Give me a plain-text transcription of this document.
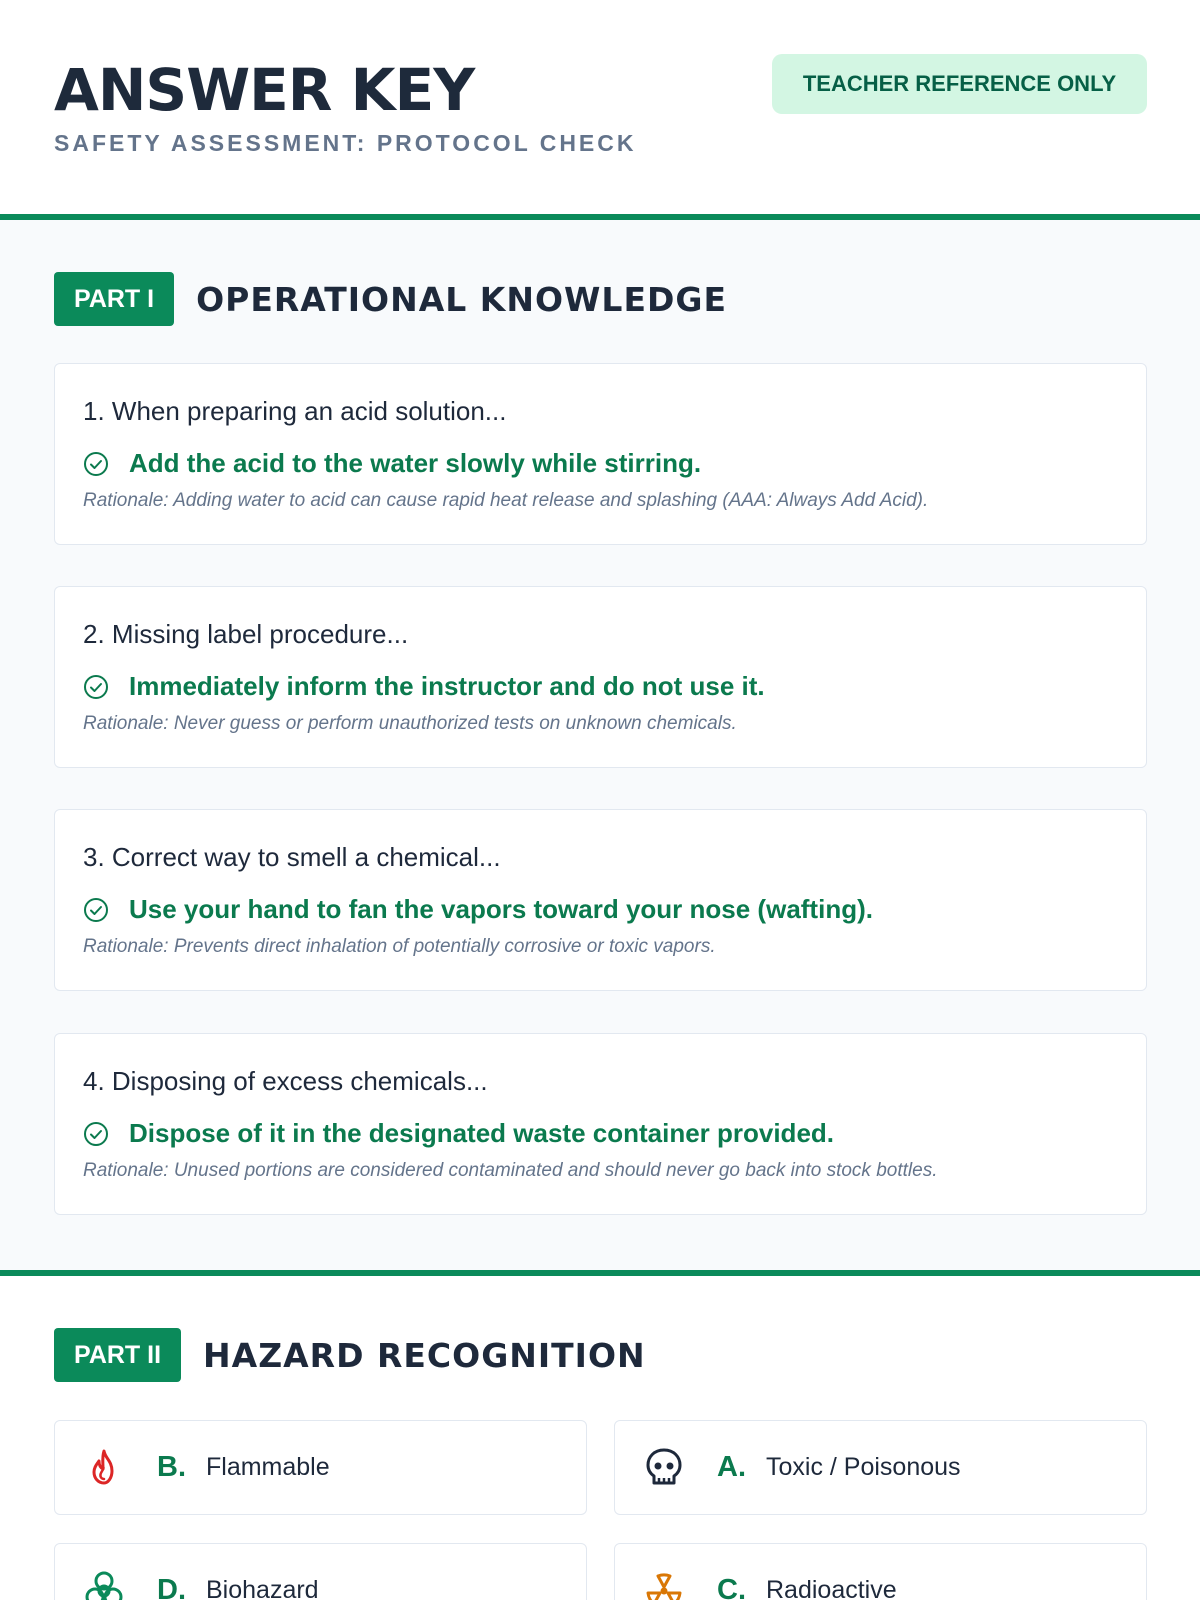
ANSWER KEY
SAFETY ASSESSMENT: PROTOCOL CHECK
TEACHER REFERENCE ONLY
PART I	OPERATIONAL KNOWLEDGE
1. When preparing an acid solution...
Add the acid to the water slowly while stirring.
Rationale: Adding water to acid can cause rapid heat release and splashing (AAA: Always Add Acid).
2. Missing label procedure...
Immediately inform the instructor and do not use it.
Rationale: Never guess or perform unauthorized tests on unknown chemicals.
3. Correct way to smell a chemical...
Use your hand to fan the vapors toward your nose (wafting).
Rationale: Prevents direct inhalation of potentially corrosive or toxic vapors.
4. Disposing of excess chemicals...
Dispose of it in the designated waste container provided.
Rationale: Unused portions are considered contaminated and should never go back into stock bottles.
PART II	HAZARD RECOGNITION
B. Flammable	A. Toxic / Poisonous
D. Biohazard	C. Radioactive
